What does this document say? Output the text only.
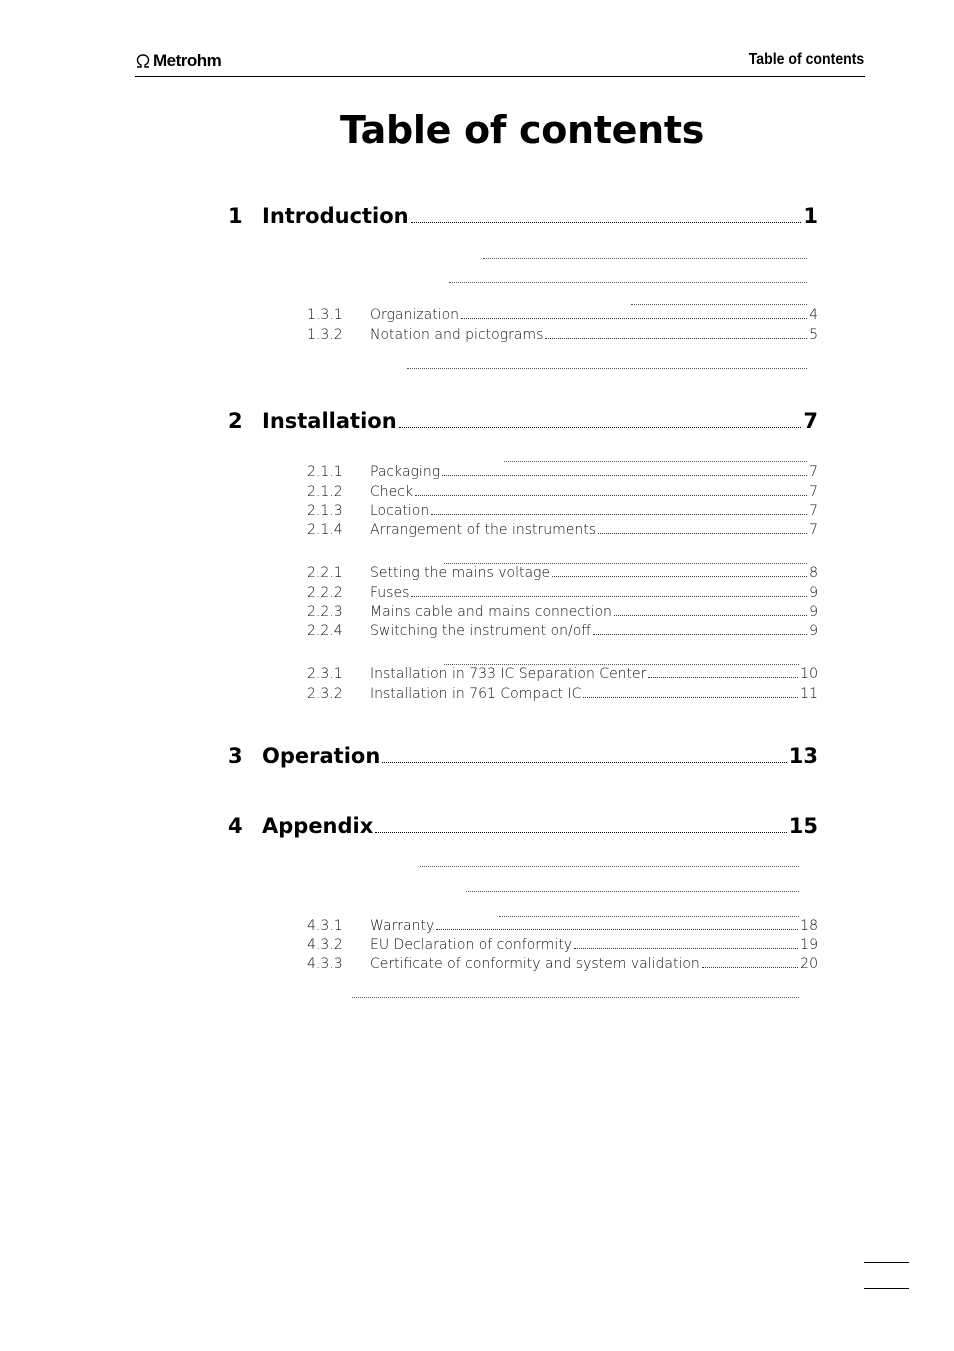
Metrohm	Table of contents
Table of contents
1 Introduction	1
1.3.1	Organization	4
1.3.2	Notation and pictograms	5
2 Installation	7
2.1.1	Packaging	7
2.1.2	Check	7
2.1.3	Location	7
2.1.4	Arrangement of the instruments	7
2.2.1	Setting the mains voltage	8
2.2.2	Fuses	9
2.2.3	Mains cable and mains connection	9
2.2.4	Switching the instrument on/off	9
2.3.1	Installation in 733 IC Separation Center	10
2.3.2	Installation in 761 Compact IC	11
3 Operation	13
4 Appendix	15
4.3.1	Warranty	18
4.3.2	EU Declaration of conformity	19
4.3.3	Certificate of conformity and system validation	20
